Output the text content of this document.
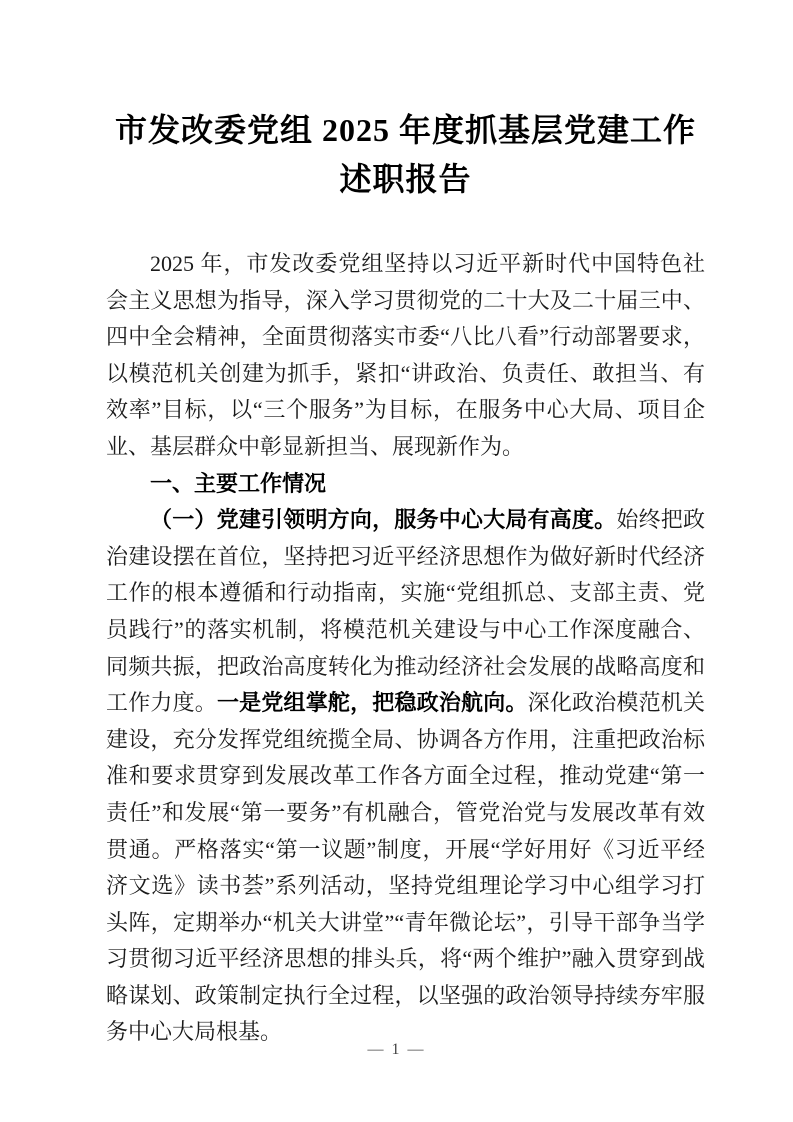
市发改委党组 2025 年度抓基层党建工作
述职报告

2025 年，市发改委党组坚持以习近平新时代中国特色社会主义思想为指导，深入学习贯彻党的二十大及二十届三中、四中全会精神，全面贯彻落实市委“八比八看”行动部署要求，以模范机关创建为抓手，紧扣“讲政治、负责任、敢担当、有效率”目标，以“三个服务”为目标，在服务中心大局、项目企业、基层群众中彰显新担当、展现新作为。

一、主要工作情况

（一）党建引领明方向，服务中心大局有高度。始终把政治建设摆在首位，坚持把习近平经济思想作为做好新时代经济工作的根本遵循和行动指南，实施“党组抓总、支部主责、党员践行”的落实机制，将模范机关建设与中心工作深度融合、同频共振，把政治高度转化为推动经济社会发展的战略高度和工作力度。一是党组掌舵，把稳政治航向。深化政治模范机关建设，充分发挥党组统揽全局、协调各方作用，注重把政治标准和要求贯穿到发展改革工作各方面全过程，推动党建“第一责任”和发展“第一要务”有机融合，管党治党与发展改革有效贯通。严格落实“第一议题”制度，开展“学好用好《习近平经济文选》读书荟”系列活动，坚持党组理论学习中心组学习打头阵，定期举办“机关大讲堂”“青年微论坛”，引导干部争当学习贯彻习近平经济思想的排头兵，将“两个维护”融入贯穿到战略谋划、政策制定执行全过程，以坚强的政治领导持续夯牢服务中心大局根基。

— 1 —
